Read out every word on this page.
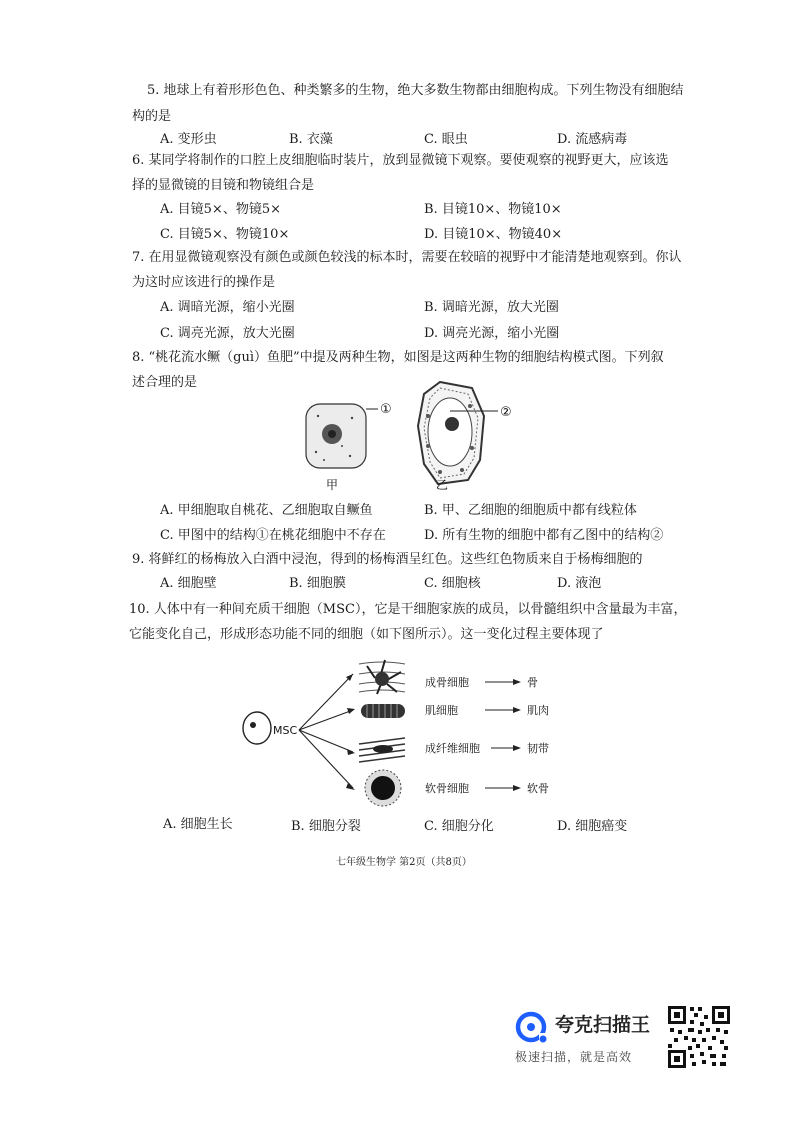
5. 地球上有着形形色色、种类繁多的生物，绝大多数生物都由细胞构成。下列生物没有细胞结
构的是
A. 变形虫	B. 衣藻	C. 眼虫	D. 流感病毒
6. 某同学将制作的口腔上皮细胞临时装片，放到显微镜下观察。要使观察的视野更大，应该选
择的显微镜的目镜和物镜组合是
A. 目镜5×、物镜5×	B. 目镜10×、物镜10×
C. 目镜5×、物镜10×	D. 目镜10×、物镜40×
7. 在用显微镜观察没有颜色或颜色较浅的标本时，需要在较暗的视野中才能清楚地观察到。你认
为这时应该进行的操作是
A. 调暗光源，缩小光圈	B. 调暗光源，放大光圈
C. 调亮光源，放大光圈	D. 调亮光源，缩小光圈
8. “桃花流水鳜（guì）鱼肥”中提及两种生物，如图是这两种生物的细胞结构模式图。下列叙
述合理的是
①
甲
②
乙
A. 甲细胞取自桃花、乙细胞取自鳜鱼	B. 甲、乙细胞的细胞质中都有线粒体
C. 甲图中的结构①在桃花细胞中不存在	D. 所有生物的细胞中都有乙图中的结构②
9. 将鲜红的杨梅放入白酒中浸泡，得到的杨梅酒呈红色。这些红色物质来自于杨梅细胞的
A. 细胞壁	B. 细胞膜	C. 细胞核	D. 液泡
10. 人体中有一种间充质干细胞（MSC），它是干细胞家族的成员，以骨髓组织中含量最为丰富，
它能变化自己，形成形态功能不同的细胞（如下图所示）。这一变化过程主要体现了
MSC
成骨细胞	骨
肌细胞	肌肉
成纤维细胞	韧带
软骨细胞	软骨
A. 细胞生长	B. 细胞分裂	C. 细胞分化	D. 细胞癌变
七年级生物学 第2页（共8页）
夸克扫描王
极速扫描，就是高效
